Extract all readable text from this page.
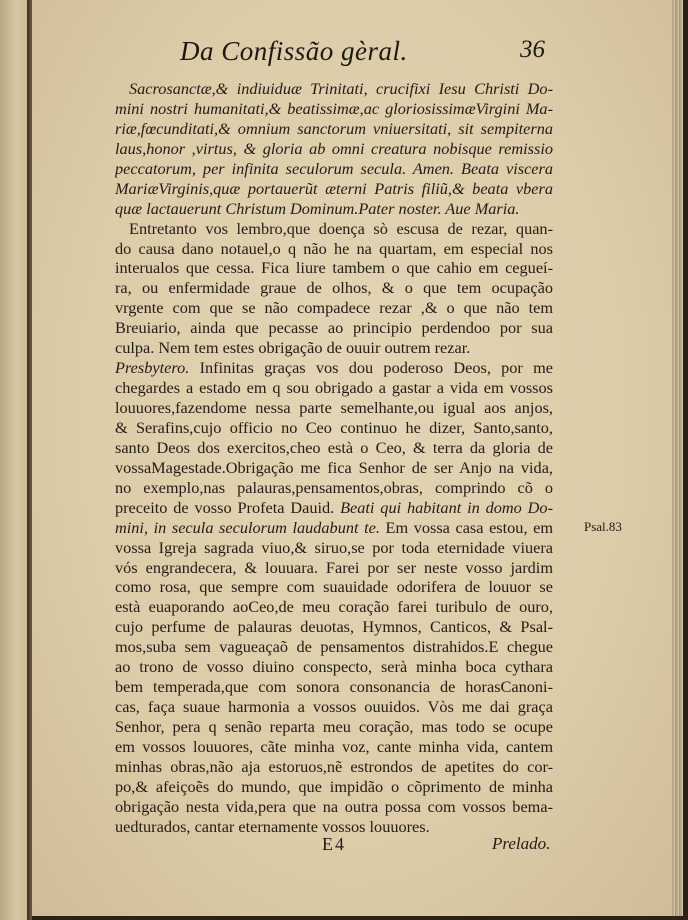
Da Confissão gèral.	36
Sacrosanctæ,& indiuiduæ Trinitati, crucifixi Iesu Christi Do-
mini nostri humanitati,& beatissimæ,ac gloriosissimæVirgini Ma-
riæ,fœcunditati,& omnium sanctorum vniuersitati, sit sempiterna
laus,honor ,virtus, & gloria ab omni creatura nobisque remissio
peccatorum, per infinita seculorum secula. Amen. Beata viscera
MariæVirginis,quæ portauerũt æterni Patris filiũ,& beata vbera
quæ lactauerunt Christum Dominum.Pater noster. Aue Maria.
Entretanto vos lembro,que doença sò escusa de rezar, quan-
do causa dano notauel,o q não he na quartam, em especial nos
interualos que cessa. Fica liure tambem o que cahio em cegueí-
ra, ou enfermidade graue de olhos, & o que tem ocupação
vrgente com que se não compadece rezar ,& o que não tem
Breuiario, ainda que pecasse ao principio perdendoo por sua
culpa. Nem tem estes obrigação de ouuir outrem rezar.
Presbytero. Infinitas graças vos dou poderoso Deos, por me
chegardes a estado em q sou obrigado a gastar a vida em vossos
louuores,fazendome nessa parte semelhante,ou igual aos anjos,
& Serafins,cujo officio no Ceo continuo he dizer, Santo,santo,
santo Deos dos exercitos,cheo està o Ceo, & terra da gloria de
vossaMagestade.Obrigação me fica Senhor de ser Anjo na vida,
no exemplo,nas palauras,pensamentos,obras, comprindo cõ o
preceito de vosso Profeta Dauid. Beati qui habitant in domo Do-
mini, in secula seculorum laudabunt te. Em vossa casa estou, em
vossa Igreja sagrada viuo,& siruo,se por toda eternidade viuera
vós engrandecera, & louuara. Farei por ser neste vosso jardim
como rosa, que sempre com suauidade odorifera de louuor se
està euaporando aoCeo,de meu coração farei turibulo de ouro,
cujo perfume de palauras deuotas, Hymnos, Canticos, & Psal-
mos,suba sem vagueaçaõ de pensamentos distrahidos.E chegue
ao trono de vosso diuino conspecto, serà minha boca cythara
bem temperada,que com sonora consonancia de horasCanoni-
cas, faça suaue harmonia a vossos ouuidos. Vòs me dai graça
Senhor, pera q senão reparta meu coração, mas todo se ocupe
em vossos louuores, cãte minha voz, cante minha vida, cantem
minhas obras,não aja estoruos,nẽ estrondos de apetites do cor-
po,& afeiçoẽs do mundo, que impidão o cõprimento de minha
obrigação nesta vida,pera que na outra possa com vossos bema-
uedturados, cantar eternamente vossos louuores.
Psal.83
E4	Prelado.
